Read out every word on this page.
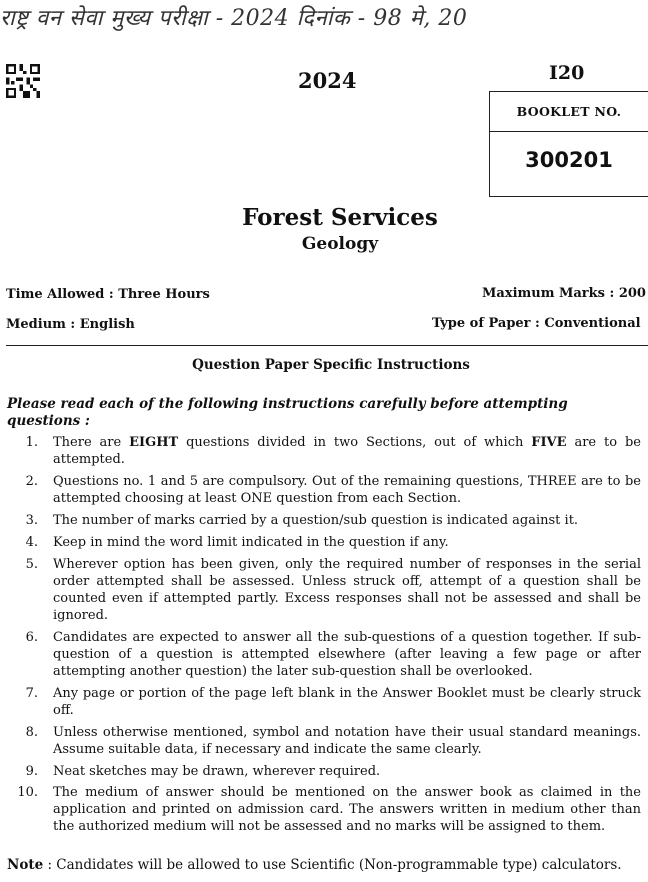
राष्ट्र वन सेवा मुख्य परीक्षा - 2024 दिनांक - 98 मे, 20
2024	I20
BOOKLET NO.
300201
Forest Services
Geology
Time Allowed : Three Hours	Maximum Marks : 200
Medium : English	Type of Paper : Conventional
Question Paper Specific Instructions
Please read each of the following instructions carefully before attempting questions :
1. There are EIGHT questions divided in two Sections, out of which FIVE are to be attempted.
2. Questions no. 1 and 5 are compulsory. Out of the remaining questions, THREE are to be attempted choosing at least ONE question from each Section.
3. The number of marks carried by a question/sub question is indicated against it.
4. Keep in mind the word limit indicated in the question if any.
5. Wherever option has been given, only the required number of responses in the serial order attempted shall be assessed. Unless struck off, attempt of a question shall be counted even if attempted partly. Excess responses shall not be assessed and shall be ignored.
6. Candidates are expected to answer all the sub-questions of a question together. If sub-question of a question is attempted elsewhere (after leaving a few page or after attempting another question) the later sub-question shall be overlooked.
7. Any page or portion of the page left blank in the Answer Booklet must be clearly struck off.
8. Unless otherwise mentioned, symbol and notation have their usual standard meanings. Assume suitable data, if necessary and indicate the same clearly.
9. Neat sketches may be drawn, wherever required.
10. The medium of answer should be mentioned on the answer book as claimed in the application and printed on admission card. The answers written in medium other than the authorized medium will not be assessed and no marks will be assigned to them.
Note : Candidates will be allowed to use Scientific (Non-programmable type) calculators.
